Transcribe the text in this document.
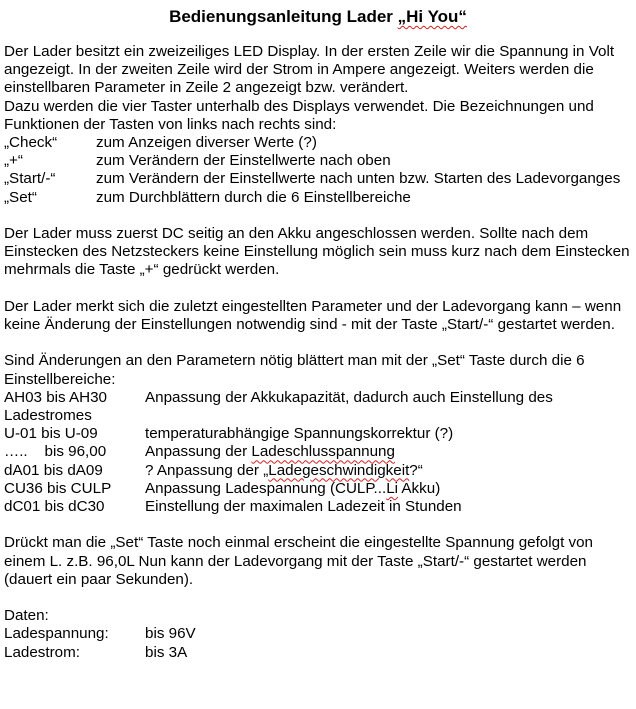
Bedienungsanleitung Lader „Hi You“

Der Lader besitzt ein zweizeiliges LED Display. In der ersten Zeile wir die Spannung in Volt angezeigt. In der zweiten Zeile wird der Strom in Ampere angezeigt. Weiters werden die einstellbaren Parameter in Zeile 2 angezeigt bzw. verändert.

Dazu werden die vier Taster unterhalb des Displays verwendet. Die Bezeichnungen und Funktionen der Tasten von links nach rechts sind:

„Check“	zum Anzeigen diverser Werte (?)
„+“	zum Verändern der Einstellwerte nach oben
„Start/-“	zum Verändern der Einstellwerte nach unten bzw. Starten des Ladevorganges
„Set“	zum Durchblättern durch die 6 Einstellbereiche

Der Lader muss zuerst DC seitig an den Akku angeschlossen werden. Sollte nach dem Einstecken des Netzsteckers keine Einstellung möglich sein muss kurz nach dem Einstecken mehrmals die Taste „+“ gedrückt werden.

Der Lader merkt sich die zuletzt eingestellten Parameter und der Ladevorgang kann – wenn keine Änderung der Einstellungen notwendig sind - mit der Taste „Start/-“ gestartet werden.

Sind Änderungen an den Parametern nötig blättert man mit der „Set“ Taste durch die 6 Einstellbereiche:

AH03 bis AH30	Anpassung der Akkukapazität, dadurch auch Einstellung des Ladestromes
U-01 bis U-09	temperaturabhängige Spannungskorrektur (?)
…..    bis 96,00	Anpassung der Ladeschlusspannung
dA01 bis dA09	? Anpassung der „Ladegeschwindigkeit?“
CU36 bis CULP	Anpassung Ladespannung (CULP...Li Akku)
dC01 bis dC30	Einstellung der maximalen Ladezeit in Stunden

Drückt man die „Set“ Taste noch einmal erscheint die eingestellte Spannung gefolgt von einem L. z.B. 96,0L Nun kann der Ladevorgang mit der Taste „Start/-“ gestartet werden (dauert ein paar Sekunden).

Daten:

Ladespannung:	bis 96V
Ladestrom:	bis 3A
